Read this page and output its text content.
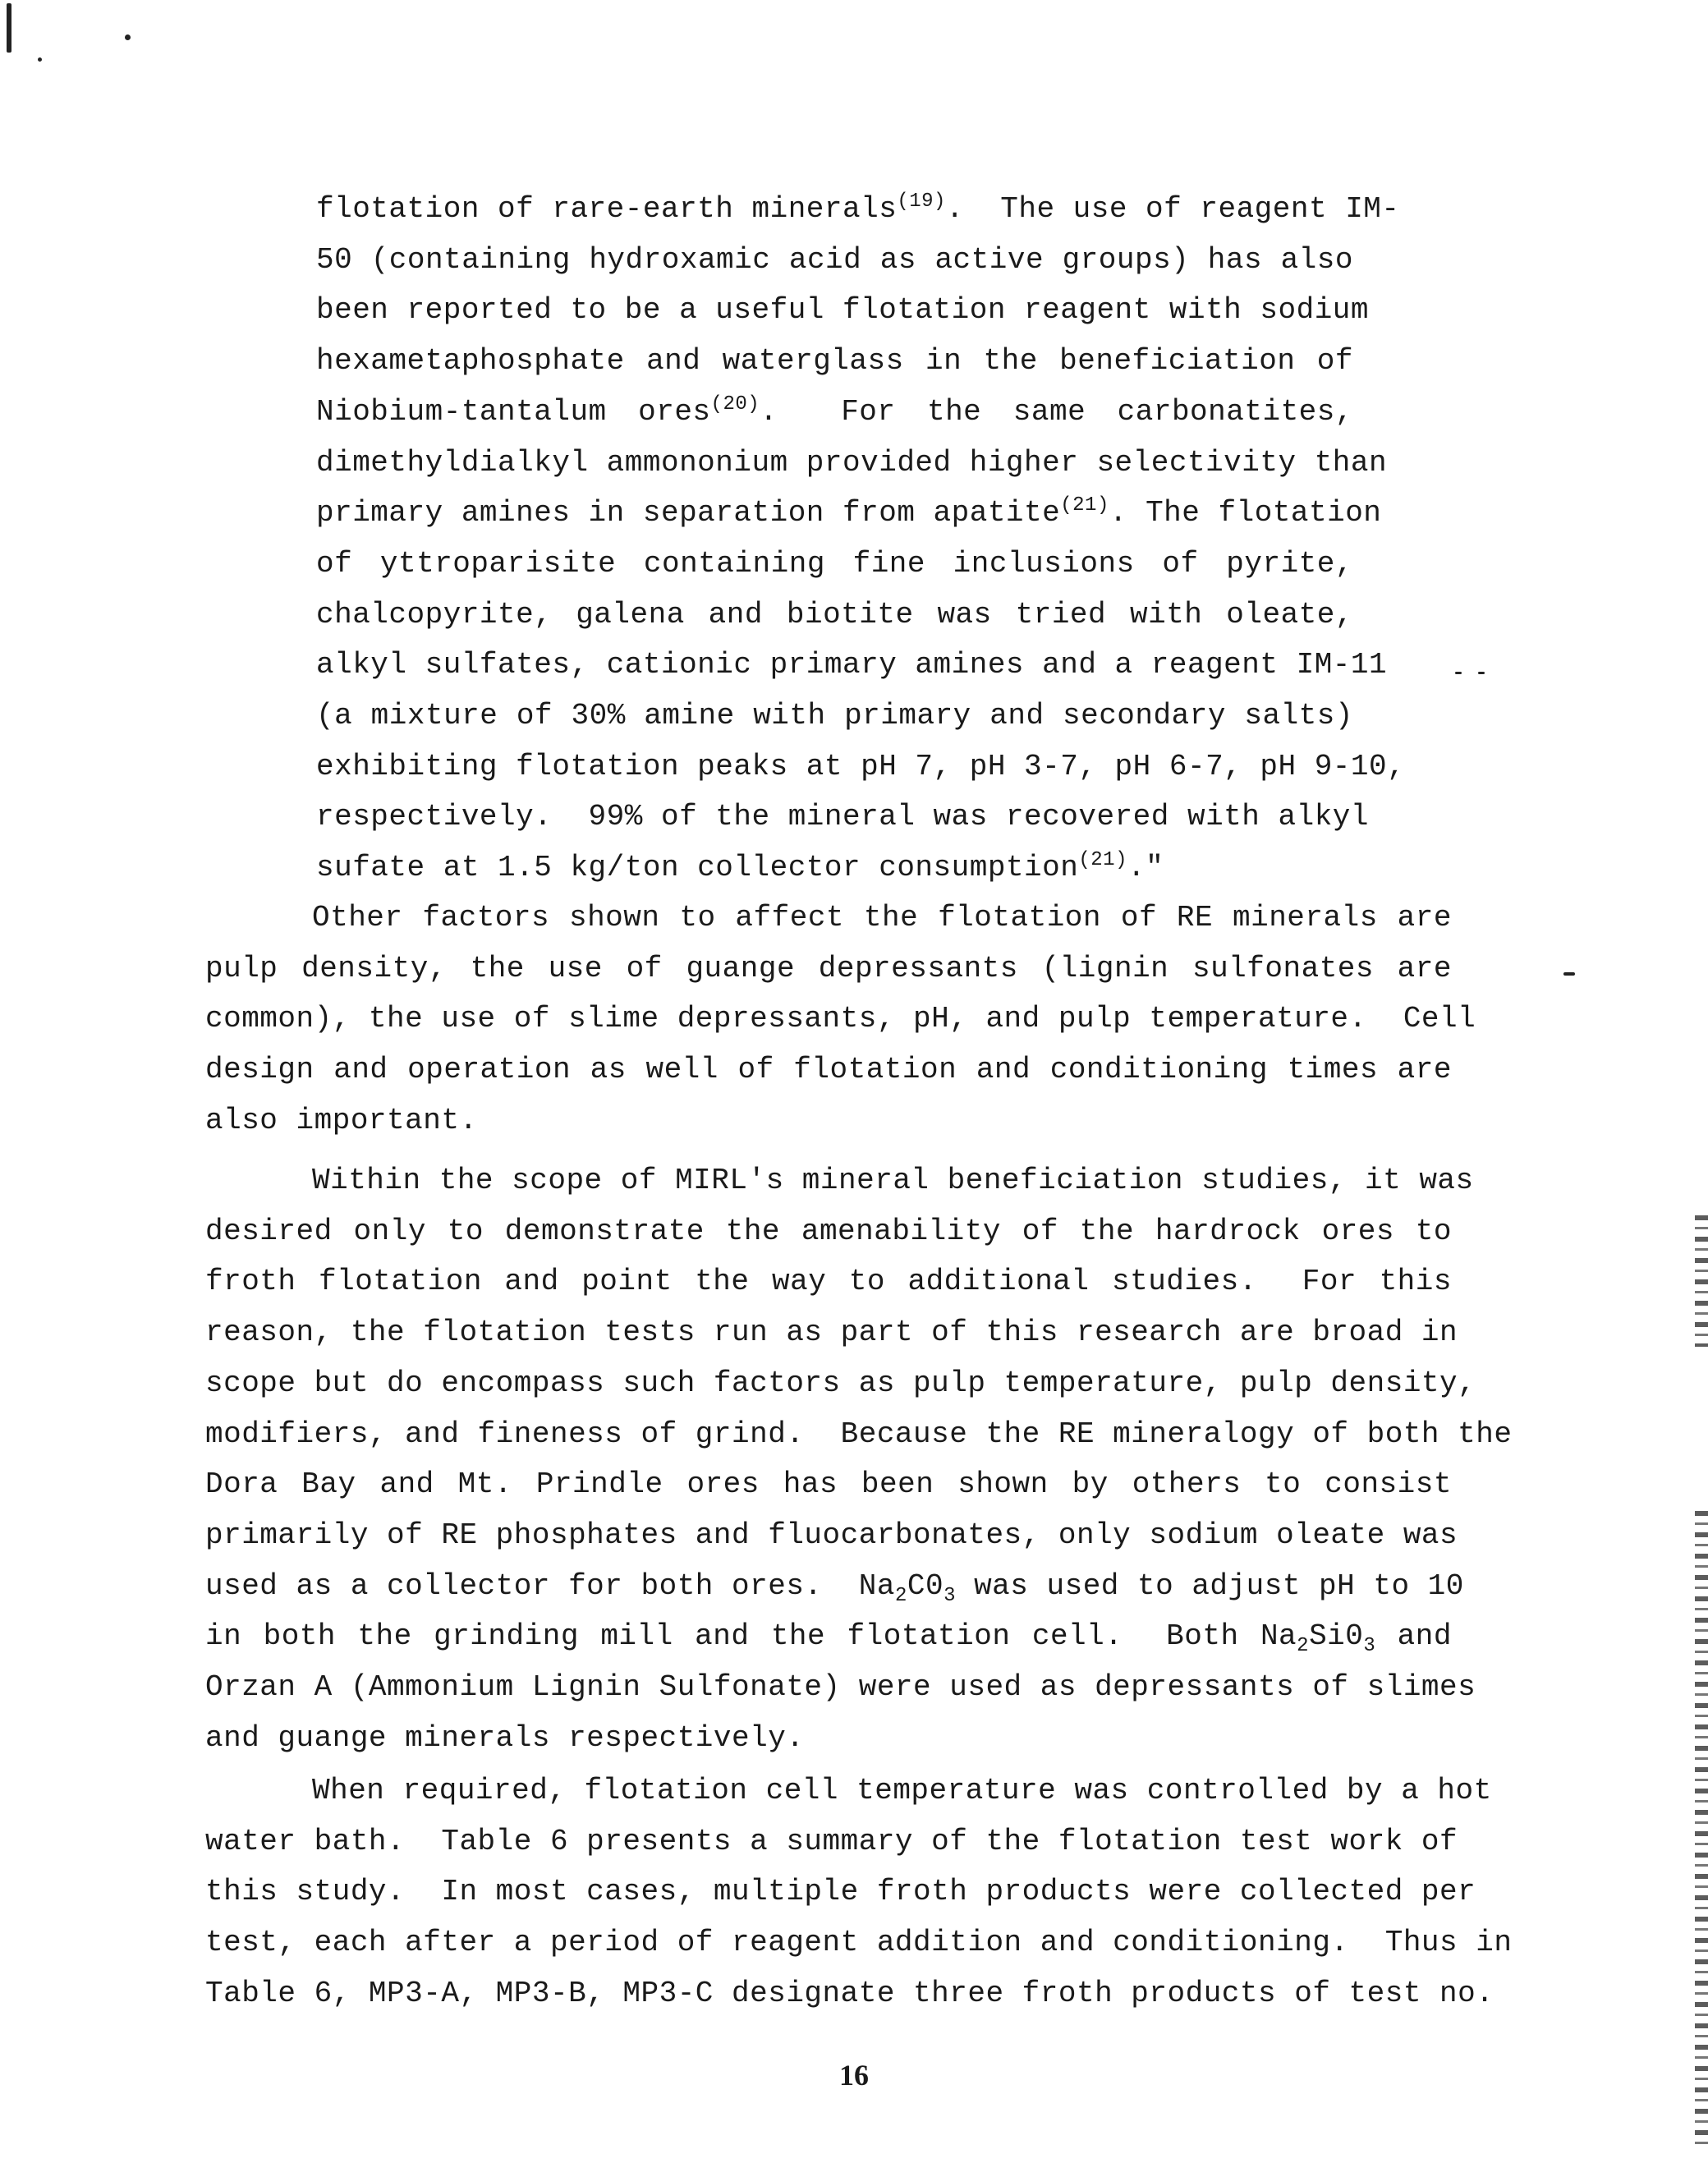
flotation of rare-earth minerals$^{(19)}$.  The use of reagent IM-
50 (containing hydroxamic acid as active groups) has also
been reported to be a useful flotation reagent with sodium
hexametaphosphate and waterglass in the beneficiation of
Niobium-tantalum ores$^{(20)}$.  For the same carbonatites,
dimethyldialkyl ammononium provided higher selectivity than
primary amines in separation from apatite$^{(21)}$. The flotation
of yttroparisite containing fine inclusions of pyrite,
chalcopyrite, galena and biotite was tried with oleate,
alkyl sulfates, cationic primary amines and a reagent IM-11
(a mixture of 30% amine with primary and secondary salts)
exhibiting flotation peaks at pH 7, pH 3-7, pH 6-7, pH 9-10,
respectively.  99% of the mineral was recovered with alkyl
sufate at 1.5 kg/ton collector consumption$^{(21)}$."
Other factors shown to affect the flotation of RE minerals are
pulp density, the use of guange depressants (lignin sulfonates are
common), the use of slime depressants, pH, and pulp temperature.  Cell
design and operation as well of flotation and conditioning times are
also important.
Within the scope of MIRL's mineral beneficiation studies, it was
desired only to demonstrate the amenability of the hardrock ores to
froth flotation and point the way to additional studies.  For this
reason, the flotation tests run as part of this research are broad in
scope but do encompass such factors as pulp temperature, pulp density,
modifiers, and fineness of grind.  Because the RE mineralogy of both the
Dora Bay and Mt. Prindle ores has been shown by others to consist
primarily of RE phosphates and fluocarbonates, only sodium oleate was
used as a collector for both ores.  $Na_2C0_3$ was used to adjust pH to 10
in both the grinding mill and the flotation cell.  Both $Na_2Si0_3$ and
Orzan A (Ammonium Lignin Sulfonate) were used as depressants of slimes
and guange minerals respectively.
When required, flotation cell temperature was controlled by a hot
water bath.  Table 6 presents a summary of the flotation test work of
this study.  In most cases, multiple froth products were collected per
test, each after a period of reagent addition and conditioning.  Thus in
Table 6, MP3-A, MP3-B, MP3-C designate three froth products of test no.
16
